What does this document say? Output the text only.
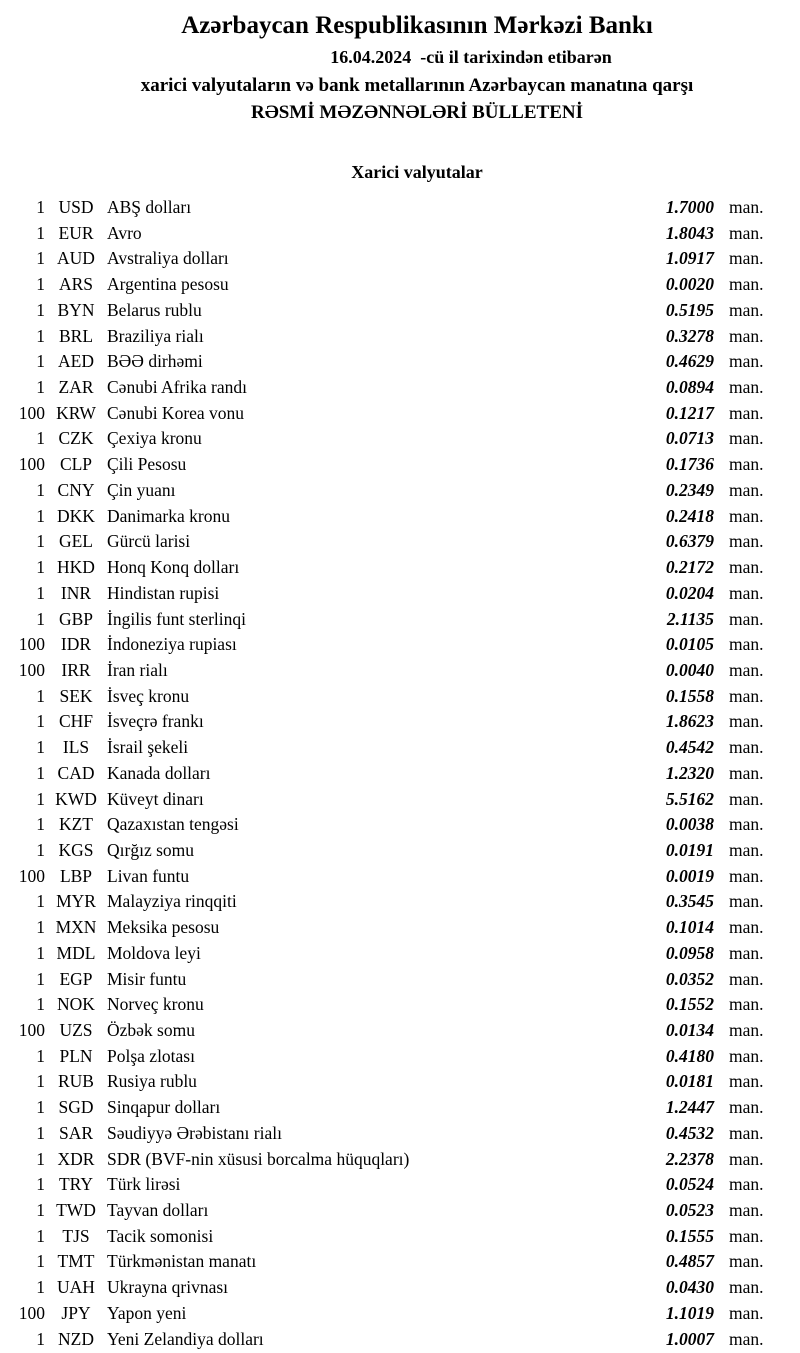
Azərbaycan Respublikasının Mərkəzi Bankı
16.04.2024  -cü il tarixindən etibarən
xarici valyutaların və bank metallarının Azərbaycan manatına qarşı
RƏSMİ MƏZƏNNƏLƏRİ BÜLLETENİ
Xarici valyutalar
1 USD ABŞ dolları	1.7000 man.
1 EUR Avro	1.8043 man.
1 AUD Avstraliya dolları	1.0917 man.
1 ARS Argentina pesosu	0.0020 man.
1 BYN Belarus rublu	0.5195 man.
1 BRL Braziliya rialı	0.3278 man.
1 AED BƏƏ dirhəmi	0.4629 man.
1 ZAR Cənubi Afrika randı	0.0894 man.
100 KRW Cənubi Korea vonu	0.1217 man.
1 CZK Çexiya kronu	0.0713 man.
100 CLP Çili Pesosu	0.1736 man.
1 CNY Çin yuanı	0.2349 man.
1 DKK Danimarka kronu	0.2418 man.
1 GEL Gürcü larisi	0.6379 man.
1 HKD Honq Konq dolları	0.2172 man.
1 INR Hindistan rupisi	0.0204 man.
1 GBP İngilis funt sterlinqi	2.1135 man.
100 IDR İndoneziya rupiası	0.0105 man.
100 IRR İran rialı	0.0040 man.
1 SEK İsveç kronu	0.1558 man.
1 CHF İsveçrə frankı	1.8623 man.
1	ILS	İsrail şekeli	0.4542 man.
1 CAD Kanada dolları	1.2320 man.
1 KWD Küveyt dinarı	5.5162 man.
1 KZT Qazaxıstan tengəsi	0.0038 man.
1 KGS Qırğız somu	0.0191 man.
100 LBP Livan funtu	0.0019 man.
1 MYR Malayziya rinqqiti	0.3545 man.
1 MXN Meksika pesosu	0.1014 man.
1 MDL Moldova leyi	0.0958 man.
1 EGP Misir funtu	0.0352 man.
1 NOK Norveç kronu	0.1552 man.
100 UZS Özbək somu	0.0134 man.
1 PLN Polşa zlotası	0.4180 man.
1 RUB Rusiya rublu	0.0181 man.
1 SGD Sinqapur dolları	1.2447 man.
1 SAR Səudiyyə Ərəbistanı rialı	0.4532 man.
1 XDR SDR (BVF-nin xüsusi borcalma hüquqları)	2.2378 man.
1 TRY Türk lirəsi	0.0524 man.
1 TWD Tayvan dolları	0.0523 man.
1 TJS Tacik somonisi	0.1555 man.
1 TMT Türkmənistan manatı	0.4857 man.
1 UAH Ukrayna qrivnası	0.0430 man.
100 JPY Yapon yeni	1.1019 man.
1 NZD Yeni Zelandiya dolları	1.0007 man.
